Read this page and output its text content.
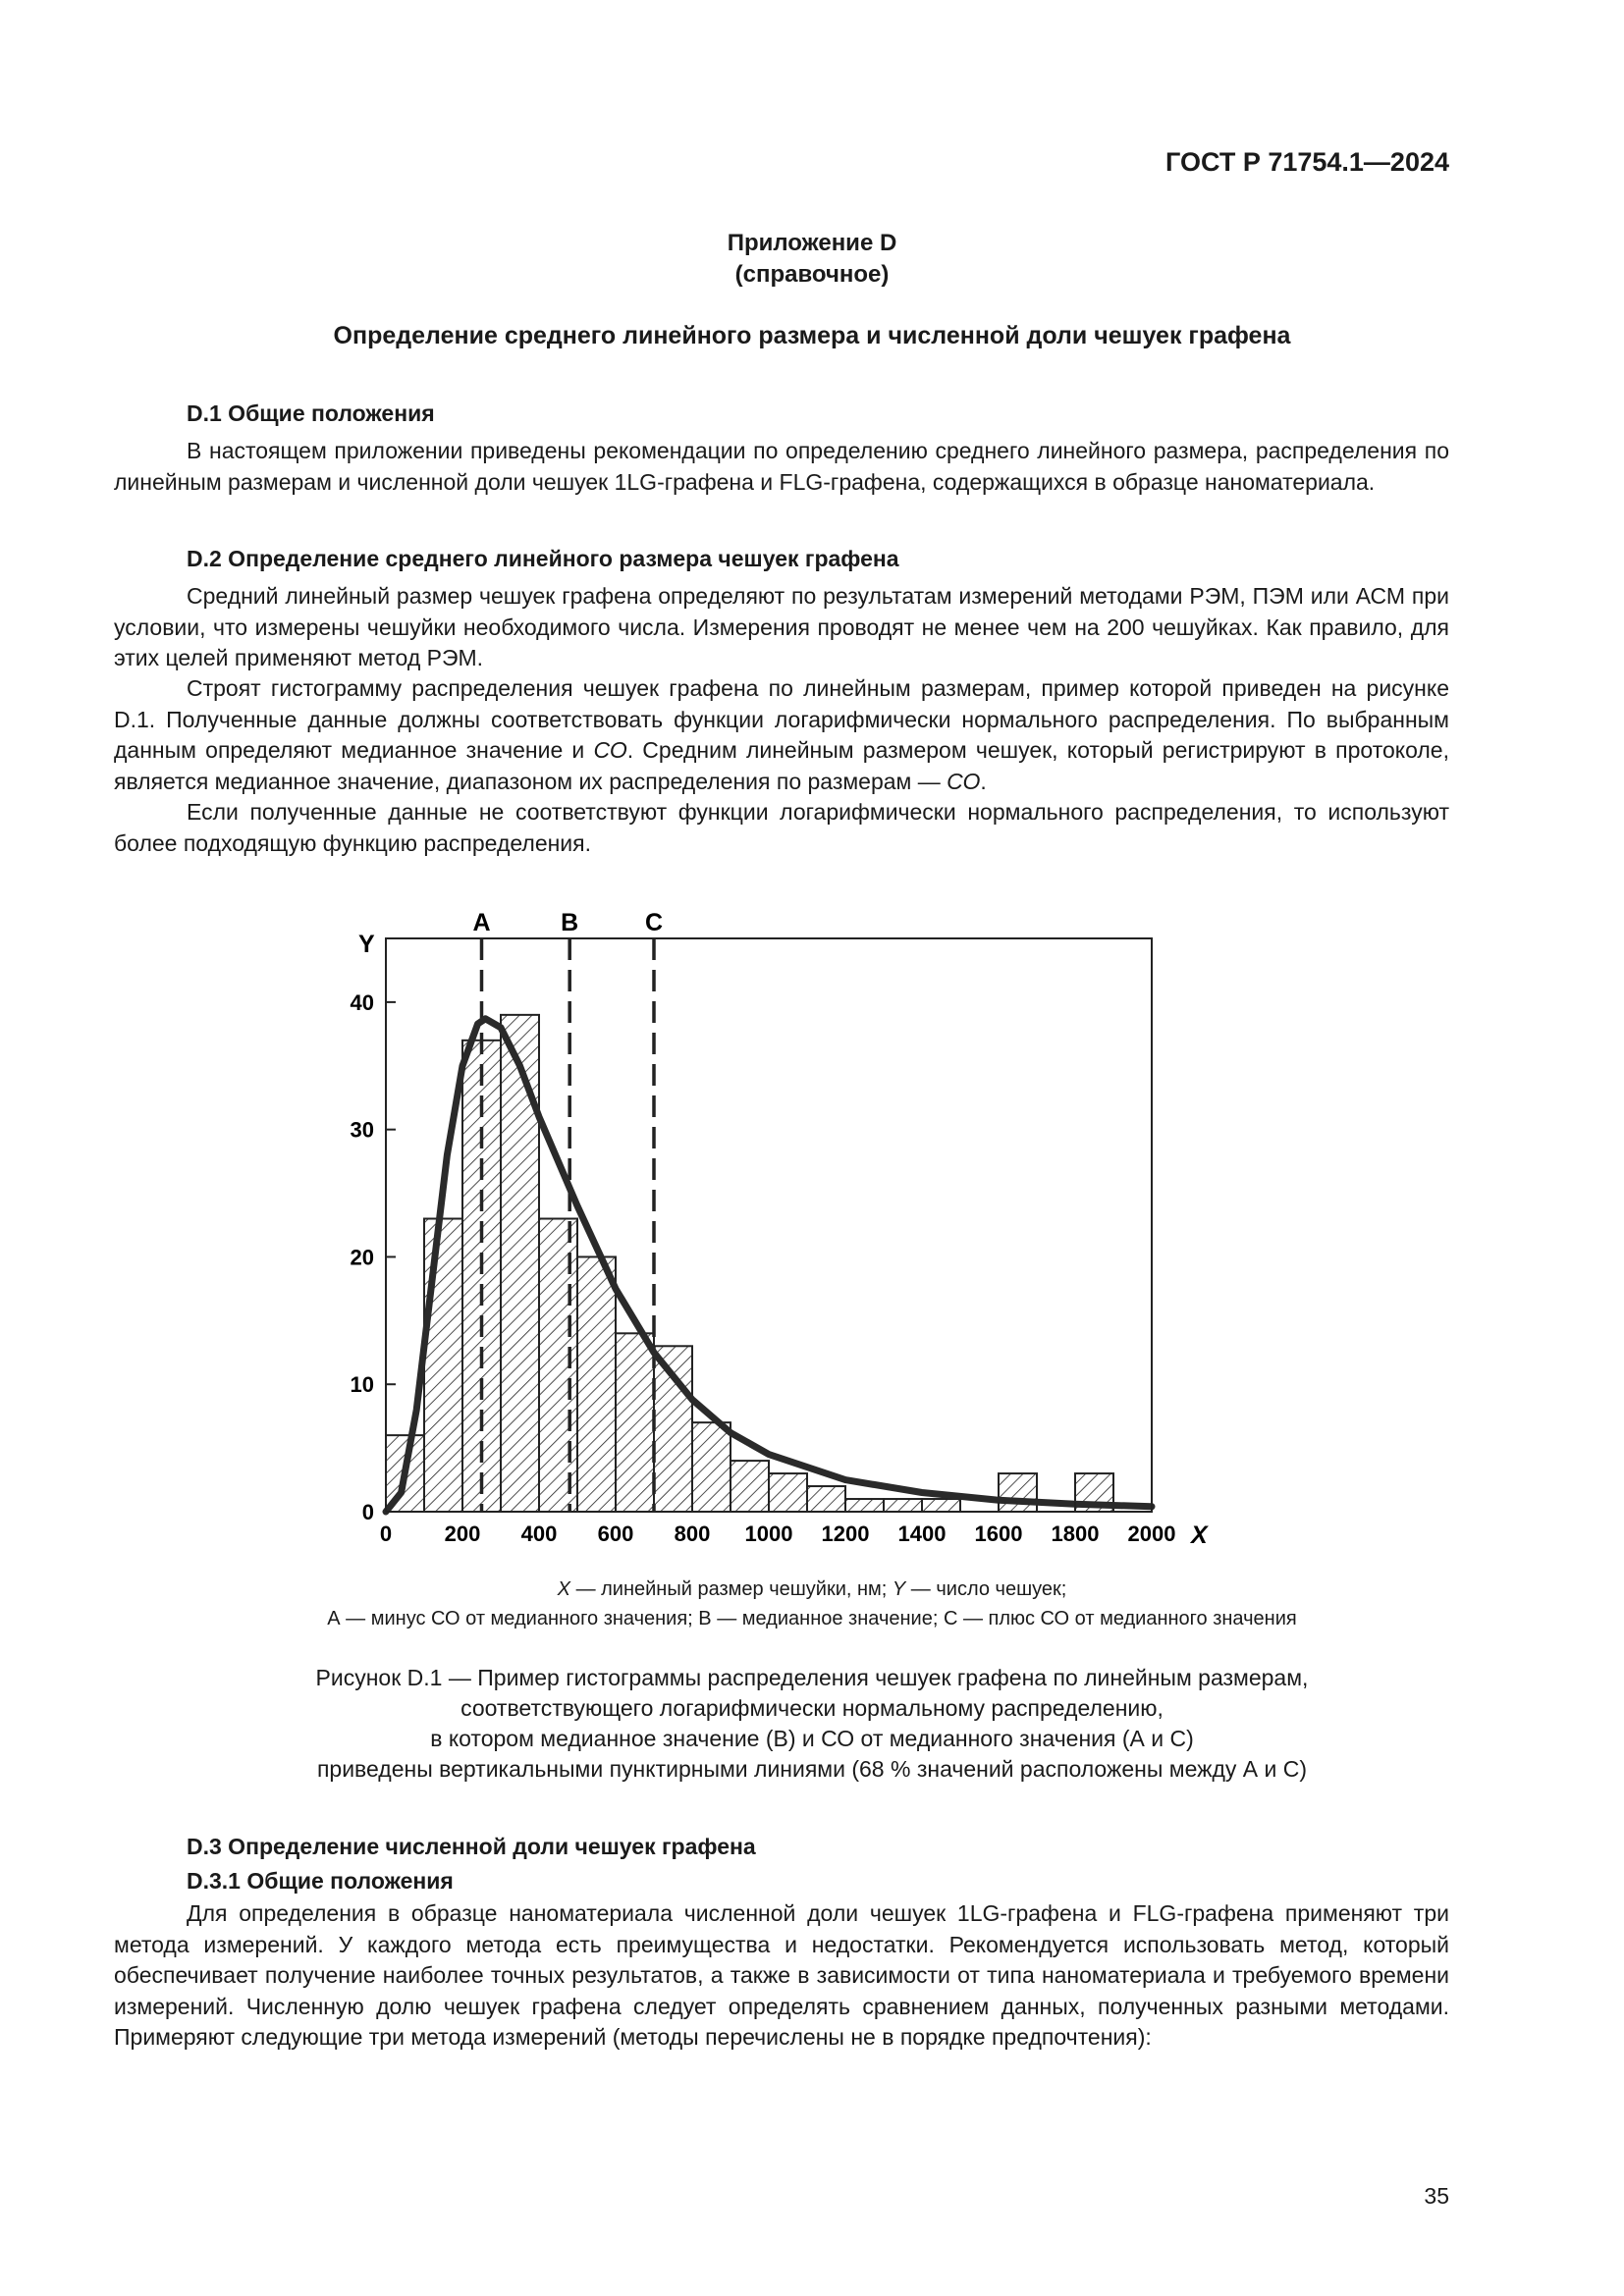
ГОСТ Р 71754.1—2024
Приложение D
(справочное)
Определение среднего линейного размера и численной доли чешуек графена
D.1 Общие положения

В настоящем приложении приведены рекомендации по определению среднего линейного размера, распределения по линейным размерам и численной доли чешуек 1LG-графена и FLG-графена, содержащихся в образце наноматериала.

D.2 Определение среднего линейного размера чешуек графена

Средний линейный размер чешуек графена определяют по результатам измерений методами РЭМ, ПЭМ или АСМ при условии, что измерены чешуйки необходимого числа. Измерения проводят не менее чем на 200 чешуйках. Как правило, для этих целей применяют метод РЭМ.

Строят гистограмму распределения чешуек графена по линейным размерам, пример которой приведен на рисунке D.1. Полученные данные должны соответствовать функции логарифмически нормального распределения. По выбранным данным определяют медианное значение и СО. Средним линейным размером чешуек, который регистрируют в протоколе, является медианное значение, диапазоном их распределения по размерам — СО.

Если полученные данные не соответствуют функции логарифмически нормального распределения, то используют более подходящую функцию распределения.

A	B	C
0 200 400 600 800 1000 1200 1400 1600 1800 2000
0
10
20
30
40
X
Y
X — линейный размер чешуйки, нм; Y — число чешуек;
А — минус СО от медианного значения; В — медианное значение; С — плюс СО от медианного значения
Рисунок D.1 — Пример гистограммы распределения чешуек графена по линейным размерам,
соответствующего логарифмически нормальному распределению,
в котором медианное значение (В) и СО от медианного значения (А и С)
приведены вертикальными пунктирными линиями (68 % значений расположены между А и С)
D.3 Определение численной доли чешуек графена
D.3.1 Общие положения

Для определения в образце наноматериала численной доли чешуек 1LG-графена и FLG-графена применяют три метода измерений. У каждого метода есть преимущества и недостатки. Рекомендуется использовать метод, который обеспечивает получение наиболее точных результатов, а также в зависимости от типа наноматериала и требуемого времени измерений. Численную долю чешуек графена следует определять сравнением данных, полученных разными методами. Примеряют следующие три метода измерений (методы перечислены не в порядке предпочтения):

35
